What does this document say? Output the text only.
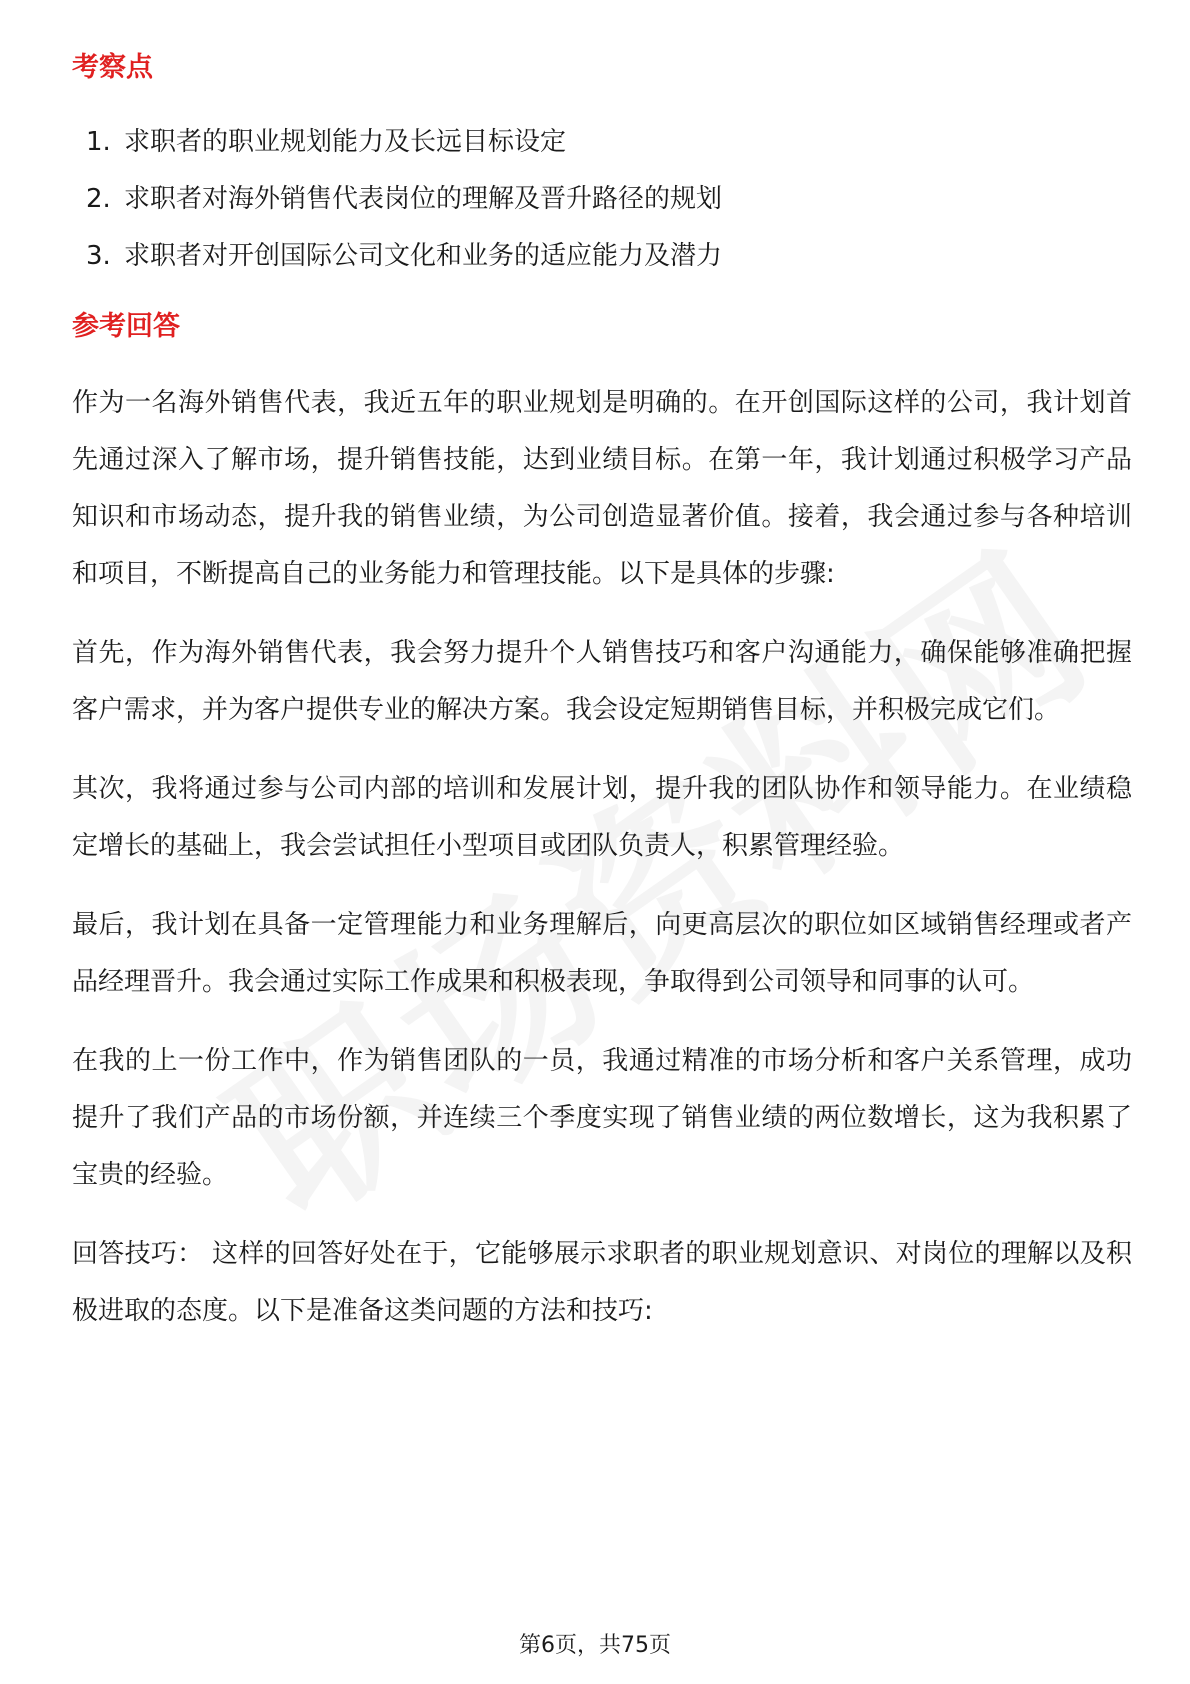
考察点
1. 求职者的职业规划能力及长远目标设定
2. 求职者对海外销售代表岗位的理解及晋升路径的规划
3. 求职者对开创国际公司文化和业务的适应能力及潜力
参考回答

作为一名海外销售代表，我近五年的职业规划是明确的。在开创国际这样的公司，我计划首先通过深入了解市场，提升销售技能，达到业绩目标。在第一年，我计划通过积极学习产品知识和市场动态，提升我的销售业绩，为公司创造显著价值。接着，我会通过参与各种培训和项目，不断提高自己的业务能力和管理技能。以下是具体的步骤:

首先，作为海外销售代表，我会努力提升个人销售技巧和客户沟通能力，确保能够准确把握客户需求，并为客户提供专业的解决方案。我会设定短期销售目标，并积极完成它们。

其次，我将通过参与公司内部的培训和发展计划，提升我的团队协作和领导能力。在业绩稳定增长的基础上，我会尝试担任小型项目或团队负责人，积累管理经验。

最后，我计划在具备一定管理能力和业务理解后，向更高层次的职位如区域销售经理或者产品经理晋升。我会通过实际工作成果和积极表现，争取得到公司领导和同事的认可。

在我的上一份工作中，作为销售团队的一员，我通过精准的市场分析和客户关系管理，成功提升了我们产品的市场份额，并连续三个季度实现了销售业绩的两位数增长，这为我积累了宝贵的经验。

回答技巧： 这样的回答好处在于，它能够展示求职者的职业规划意识、对岗位的理解以及积极进取的态度。以下是准备这类问题的方法和技巧:

第6页，共75页
